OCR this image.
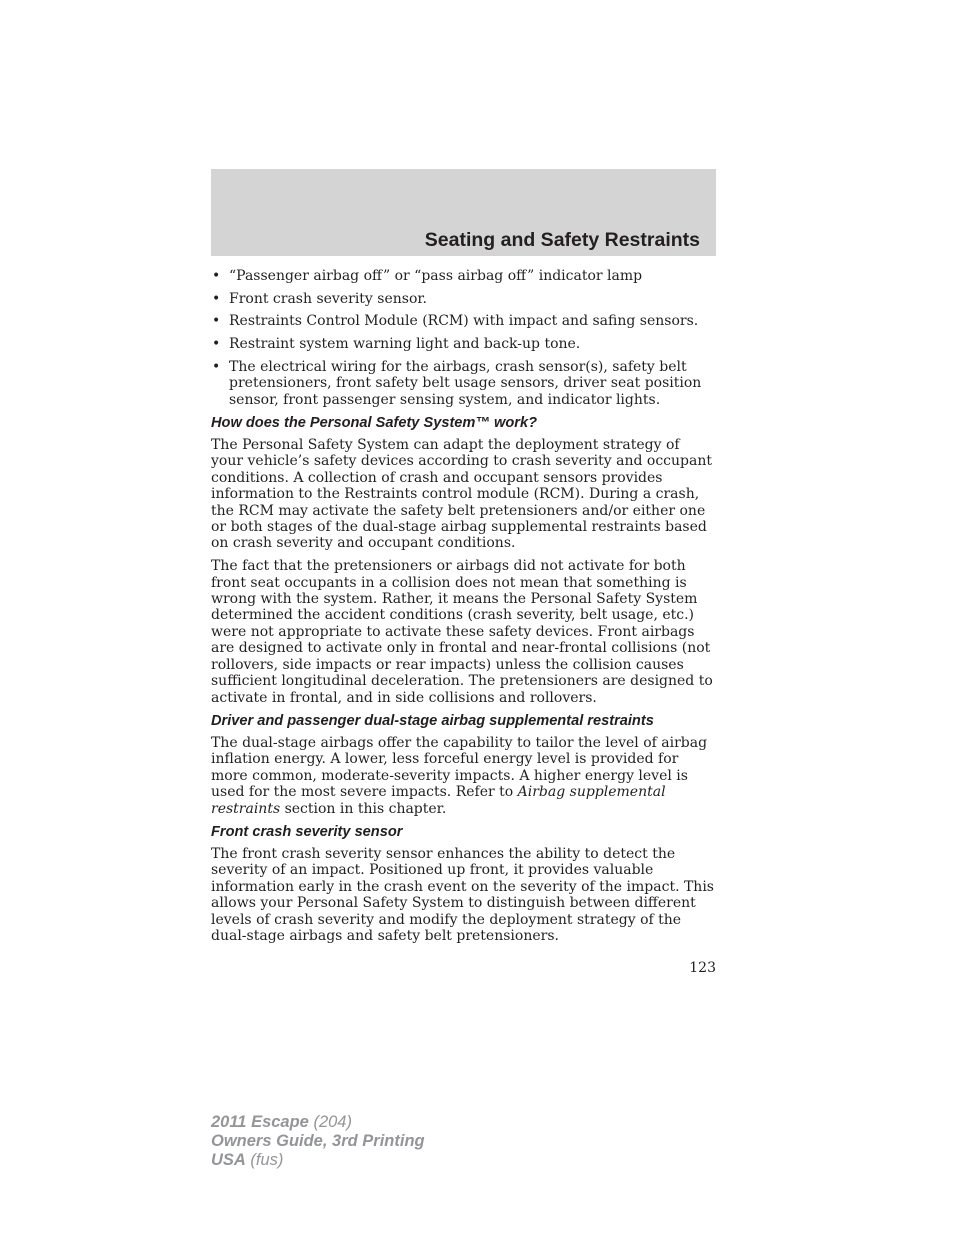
Seating and Safety Restraints
• “Passenger airbag off” or “pass airbag off” indicator lamp
• Front crash severity sensor.
• Restraints Control Module (RCM) with impact and safing sensors.
• Restraint system warning light and back-up tone.
• The electrical wiring for the airbags, crash sensor(s), safety belt pretensioners, front safety belt usage sensors, driver seat position sensor, front passenger sensing system, and indicator lights.
How does the Personal Safety System™ work?

The Personal Safety System can adapt the deployment strategy of your vehicle’s safety devices according to crash severity and occupant conditions. A collection of crash and occupant sensors provides information to the Restraints control module (RCM). During a crash, the RCM may activate the safety belt pretensioners and/or either one or both stages of the dual-stage airbag supplemental restraints based on crash severity and occupant conditions.

The fact that the pretensioners or airbags did not activate for both front seat occupants in a collision does not mean that something is wrong with the system. Rather, it means the Personal Safety System determined the accident conditions (crash severity, belt usage, etc.) were not appropriate to activate these safety devices. Front airbags are designed to activate only in frontal and near-frontal collisions (not rollovers, side impacts or rear impacts) unless the collision causes sufficient longitudinal deceleration. The pretensioners are designed to activate in frontal, and in side collisions and rollovers.

Driver and passenger dual-stage airbag supplemental restraints

The dual-stage airbags offer the capability to tailor the level of airbag inflation energy. A lower, less forceful energy level is provided for more common, moderate-severity impacts. A higher energy level is used for the most severe impacts. Refer to Airbag supplemental restraints section in this chapter.

Front crash severity sensor

The front crash severity sensor enhances the ability to detect the severity of an impact. Positioned up front, it provides valuable information early in the crash event on the severity of the impact. This allows your Personal Safety System to distinguish between different levels of crash severity and modify the deployment strategy of the dual-stage airbags and safety belt pretensioners.

123
2011 Escape (204)
Owners Guide, 3rd Printing
USA (fus)
